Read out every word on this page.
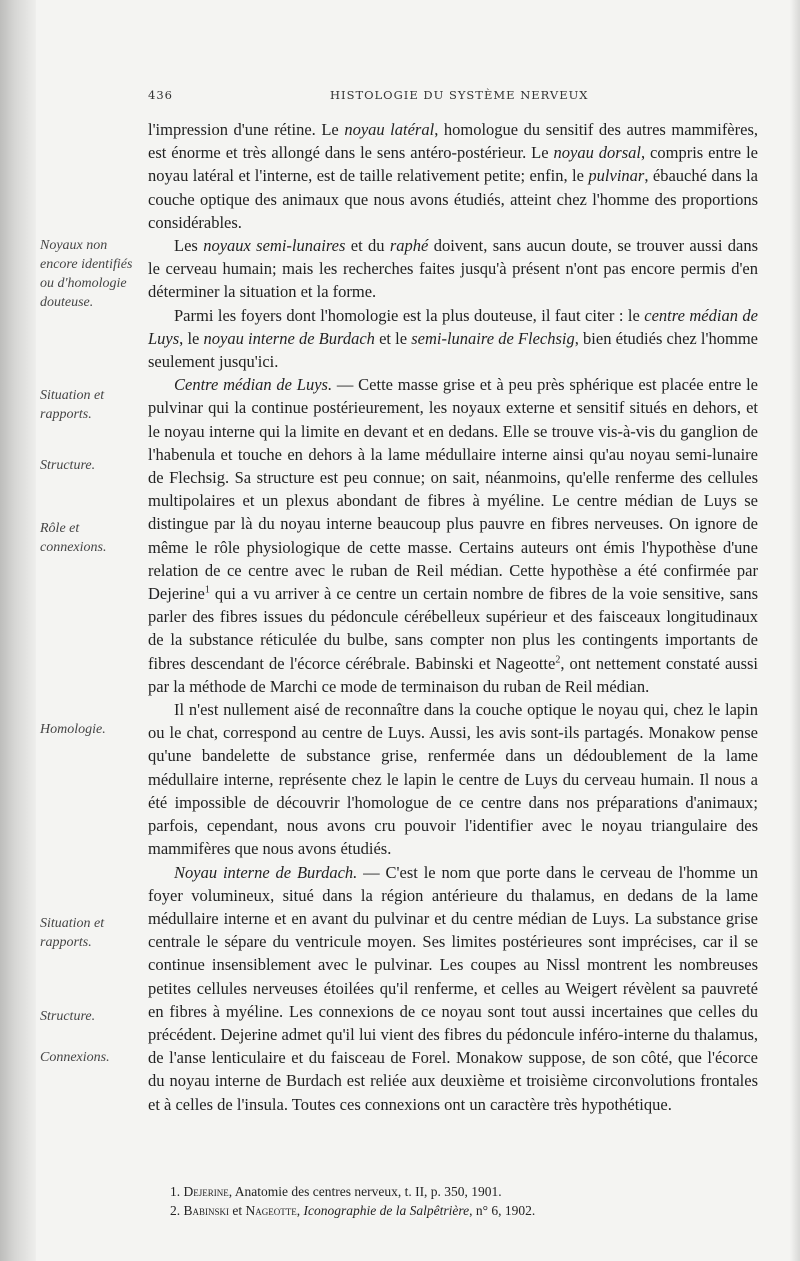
436	HISTOLOGIE DU SYSTÈME NERVEUX
Noyaux non encore identifiés ou d'homologie douteuse.
Situation et rapports.
Structure.
Rôle et connexions.
Homologie.
Situation et rapports.
Structure.
Connexions.

l'impression d'une rétine. Le noyau latéral, homologue du sensitif des autres mammifères, est énorme et très allongé dans le sens antéro-postérieur. Le noyau dorsal, compris entre le noyau latéral et l'interne, est de taille relativement petite; enfin, le pulvinar, ébauché dans la couche optique des animaux que nous avons étudiés, atteint chez l'homme des proportions considérables.

Les noyaux semi-lunaires et du raphé doivent, sans aucun doute, se trouver aussi dans le cerveau humain; mais les recherches faites jusqu'à présent n'ont pas encore permis d'en déterminer la situation et la forme.

Parmi les foyers dont l'homologie est la plus douteuse, il faut citer : le centre médian de Luys, le noyau interne de Burdach et le semi-lunaire de Flechsig, bien étudiés chez l'homme seulement jusqu'ici.

Centre médian de Luys. — Cette masse grise et à peu près sphérique est placée entre le pulvinar qui la continue postérieurement, les noyaux externe et sensitif situés en dehors, et le noyau interne qui la limite en devant et en dedans. Elle se trouve vis-à-vis du ganglion de l'habenula et touche en dehors à la lame médullaire interne ainsi qu'au noyau semi-lunaire de Flechsig. Sa structure est peu connue; on sait, néanmoins, qu'elle renferme des cellules multipolaires et un plexus abondant de fibres à myéline. Le centre médian de Luys se distingue par là du noyau interne beaucoup plus pauvre en fibres nerveuses. On ignore de même le rôle physiologique de cette masse. Certains auteurs ont émis l'hypothèse d'une relation de ce centre avec le ruban de Reil médian. Cette hypothèse a été confirmée par Dejerine$^1$ qui a vu arriver à ce centre un certain nombre de fibres de la voie sensitive, sans parler des fibres issues du pédoncule cérébelleux supérieur et des faisceaux longitudinaux de la substance réticulée du bulbe, sans compter non plus les contingents importants de fibres descendant de l'écorce cérébrale. Babinski et Nageotte$^2$, ont nettement constaté aussi par la méthode de Marchi ce mode de terminaison du ruban de Reil médian.

Il n'est nullement aisé de reconnaître dans la couche optique le noyau qui, chez le lapin ou le chat, correspond au centre de Luys. Aussi, les avis sont-ils partagés. Monakow pense qu'une bandelette de substance grise, renfermée dans un dédoublement de la lame médullaire interne, représente chez le lapin le centre de Luys du cerveau humain. Il nous a été impossible de découvrir l'homologue de ce centre dans nos préparations d'animaux; parfois, cependant, nous avons cru pouvoir l'identifier avec le noyau triangulaire des mammifères que nous avons étudiés.

Noyau interne de Burdach. — C'est le nom que porte dans le cerveau de l'homme un foyer volumineux, situé dans la région antérieure du thalamus, en dedans de la lame médullaire interne et en avant du pulvinar et du centre médian de Luys. La substance grise centrale le sépare du ventricule moyen. Ses limites postérieures sont imprécises, car il se continue insensiblement avec le pulvinar. Les coupes au Nissl montrent les nombreuses petites cellules nerveuses étoilées qu'il renferme, et celles au Weigert révèlent sa pauvreté en fibres à myéline. Les connexions de ce noyau sont tout aussi incertaines que celles du précédent. Dejerine admet qu'il lui vient des fibres du pédoncule inféro-interne du thalamus, de l'anse lenticulaire et du faisceau de Forel. Monakow suppose, de son côté, que l'écorce du noyau interne de Burdach est reliée aux deuxième et troisième circonvolutions frontales et à celles de l'insula. Toutes ces connexions ont un caractère très hypothétique.

1. Dejerine, Anatomie des centres nerveux, t. II, p. 350, 1901.
2. Babinski et Nageotte, Iconographie de la Salpêtrière, n° 6, 1902.
